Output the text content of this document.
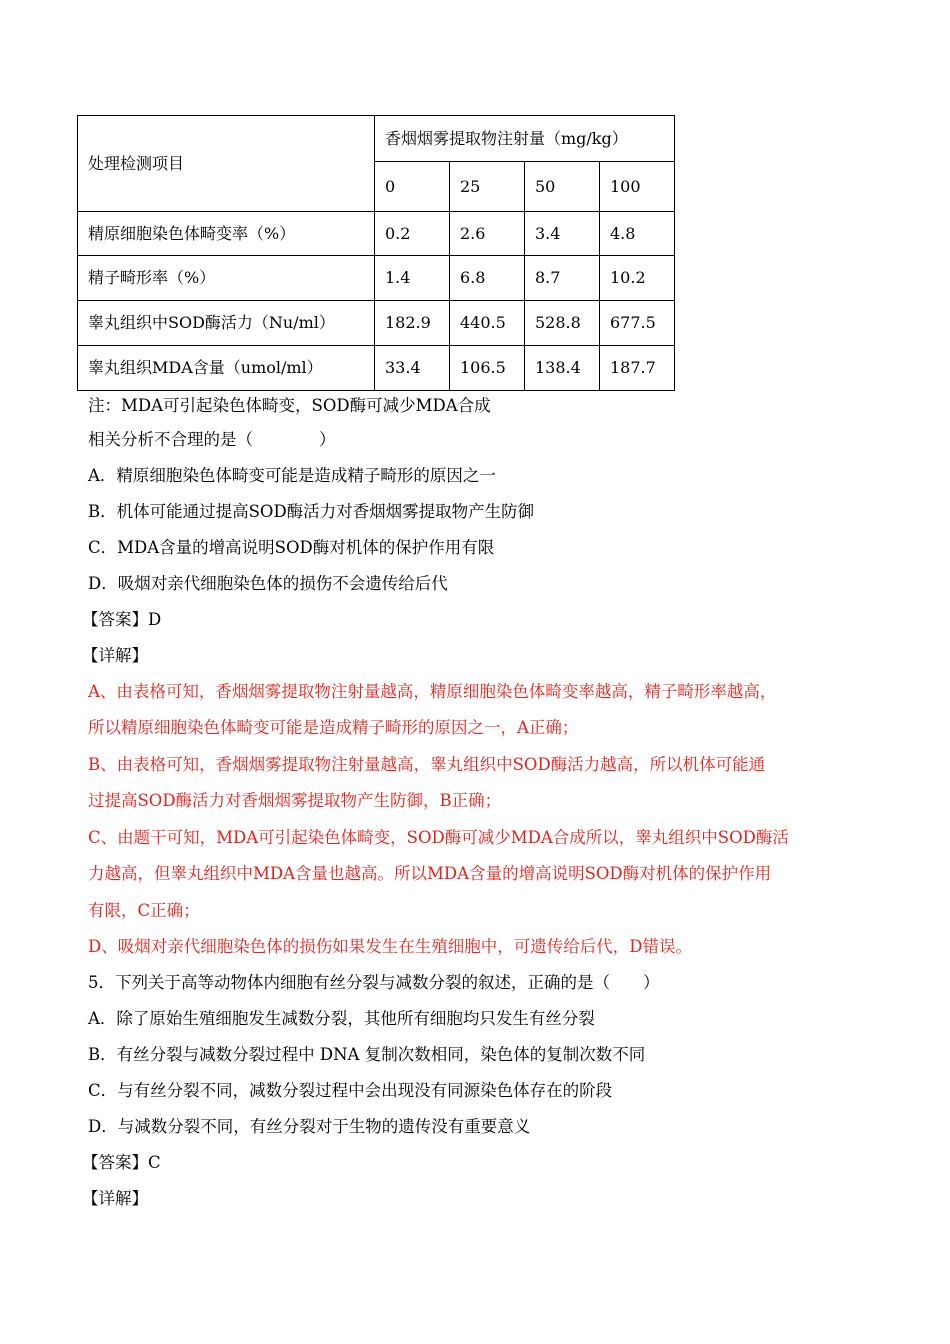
处理检测项目	香烟烟雾提取物注射量（mg/kg）			
	0	25	50	100
精原细胞染色体畸变率（%）	0.2	2.6	3.4	4.8
精子畸形率（%）	1.4	6.8	8.7	10.2
睾丸组织中SOD酶活力（Nu/ml）	182.9	440.5	528.8	677.5
睾丸组织MDA含量（umol/ml）	33.4	106.5	138.4	187.7
注：MDA可引起染色体畸变，SOD酶可减少MDA合成
相关分析不合理的是（　　　　）
A．精原细胞染色体畸变可能是造成精子畸形的原因之一
B．机体可能通过提高SOD酶活力对香烟烟雾提取物产生防御
C．MDA含量的增高说明SOD酶对机体的保护作用有限
D．吸烟对亲代细胞染色体的损伤不会遗传给后代
【答案】D
【详解】
A、由表格可知，香烟烟雾提取物注射量越高，精原细胞染色体畸变率越高，精子畸形率越高，
所以精原细胞染色体畸变可能是造成精子畸形的原因之一，A正确；
B、由表格可知，香烟烟雾提取物注射量越高，睾丸组织中SOD酶活力越高，所以机体可能通
过提高SOD酶活力对香烟烟雾提取物产生防御，B正确；
C、由题干可知，MDA可引起染色体畸变，SOD酶可减少MDA合成所以，睾丸组织中SOD酶活
力越高，但睾丸组织中MDA含量也越高。所以MDA含量的增高说明SOD酶对机体的保护作用
有限，C正确；
D、吸烟对亲代细胞染色体的损伤如果发生在生殖细胞中，可遗传给后代，D错误。
5．下列关于高等动物体内细胞有丝分裂与减数分裂的叙述，正确的是（　　）
A．除了原始生殖细胞发生减数分裂，其他所有细胞均只发生有丝分裂
B．有丝分裂与减数分裂过程中 DNA 复制次数相同，染色体的复制次数不同
C．与有丝分裂不同，减数分裂过程中会出现没有同源染色体存在的阶段
D．与减数分裂不同，有丝分裂对于生物的遗传没有重要意义
【答案】C
【详解】
